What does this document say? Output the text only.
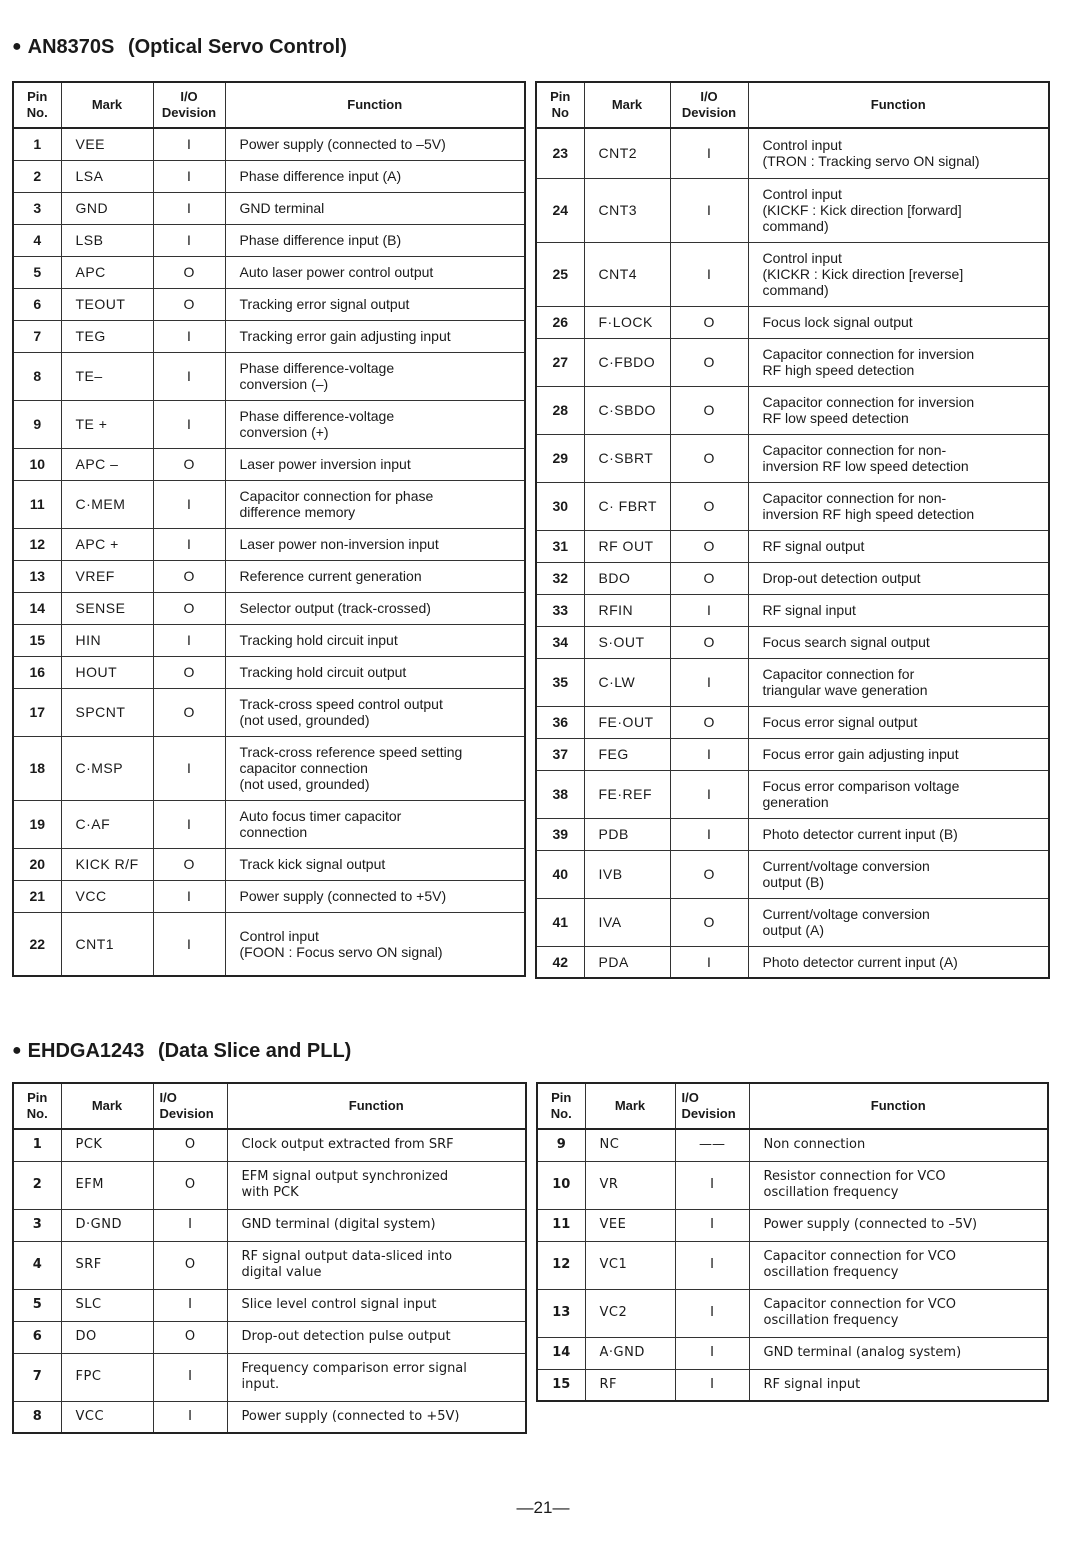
● AN8370S (Optical Servo Control)
Pin No.	Mark	I/O Devision	Function
1	VEE	I	Power supply (connected to –5V)
2	LSA	I	Phase difference input (A)
3	GND	I	GND terminal
4	LSB	I	Phase difference input (B)
5	APC	O	Auto laser power control output
6	TEOUT	O	Tracking error signal output
7	TEG	I	Tracking error gain adjusting input
8	TE–	I	Phase difference-voltage
conversion (–)
9	TE +	I	Phase difference-voltage
conversion (+)
10	APC –	O	Laser power inversion input
11	C·MEM	I	Capacitor connection for phase
difference memory
12	APC +	I	Laser power non-inversion input
13	VREF	O	Reference current generation
14	SENSE	O	Selector output (track-crossed)
15	HIN	I	Tracking hold circuit input
16	HOUT	O	Tracking hold circuit output
17	SPCNT	O	Track-cross speed control output
(not used, grounded)
18	C·MSP	I	Track-cross reference speed setting
capacitor connection
(not used, grounded)
19	C·AF	I	Auto focus timer capacitor
connection
20	KICK R/F	O	Track kick signal output
21	VCC	I	Power supply (connected to +5V)
22	CNT1	I	Control input
(FOON : Focus servo ON signal)
Pin No	Mark	I/O Devision	Function
23	CNT2	I	Control input
(TRON : Tracking servo ON signal)
24	CNT3	I	Control input
(KICKF : Kick direction [forward]
command)
25	CNT4	I	Control input
(KICKR : Kick direction [reverse]
command)
26	F·LOCK	O	Focus lock signal output
27	C·FBDO	O	Capacitor connection for inversion
RF high speed detection
28	C·SBDO	O	Capacitor connection for inversion
RF low speed detection
29	C·SBRT	O	Capacitor connection for non-
inversion RF low speed detection
30	C· FBRT	O	Capacitor connection for non-
inversion RF high speed detection
31	RF OUT	O	RF signal output
32	BDO	O	Drop-out detection output
33	RFIN	I	RF signal input
34	S·OUT	O	Focus search signal output
35	C·LW	I	Capacitor connection for
triangular wave generation
36	FE·OUT	O	Focus error signal output
37	FEG	I	Focus error gain adjusting input
38	FE·REF	I	Focus error comparison voltage
generation
39	PDB	I	Photo detector current input (B)
40	IVB	O	Current/voltage conversion
output (B)
41	IVA	O	Current/voltage conversion
output (A)
42	PDA	I	Photo detector current input (A)
● EHDGA1243 (Data Slice and PLL)
Pin No.	Mark	I/O Devision	Function
1	PCK	O	Clock output extracted from SRF
2	EFM	O	EFM signal output synchronized
with PCK
3	D·GND	I	GND terminal (digital system)
4	SRF	O	RF signal output data-sliced into
digital value
5	SLC	I	Slice level control signal input
6	DO	O	Drop-out detection pulse output
7	FPC	I	Frequency comparison error signal
input.
8	VCC	I	Power supply (connected to +5V)
Pin No.	Mark	I/O Devision	Function
9	NC	——	Non connection
10	VR	I	Resistor connection for VCO
oscillation frequency
11	VEE	I	Power supply (connected to –5V)
12	VC1	I	Capacitor connection for VCO
oscillation frequency
13	VC2	I	Capacitor connection for VCO
oscillation frequency
14	A·GND	I	GND terminal (analog system)
15	RF	I	RF signal input
—21—
